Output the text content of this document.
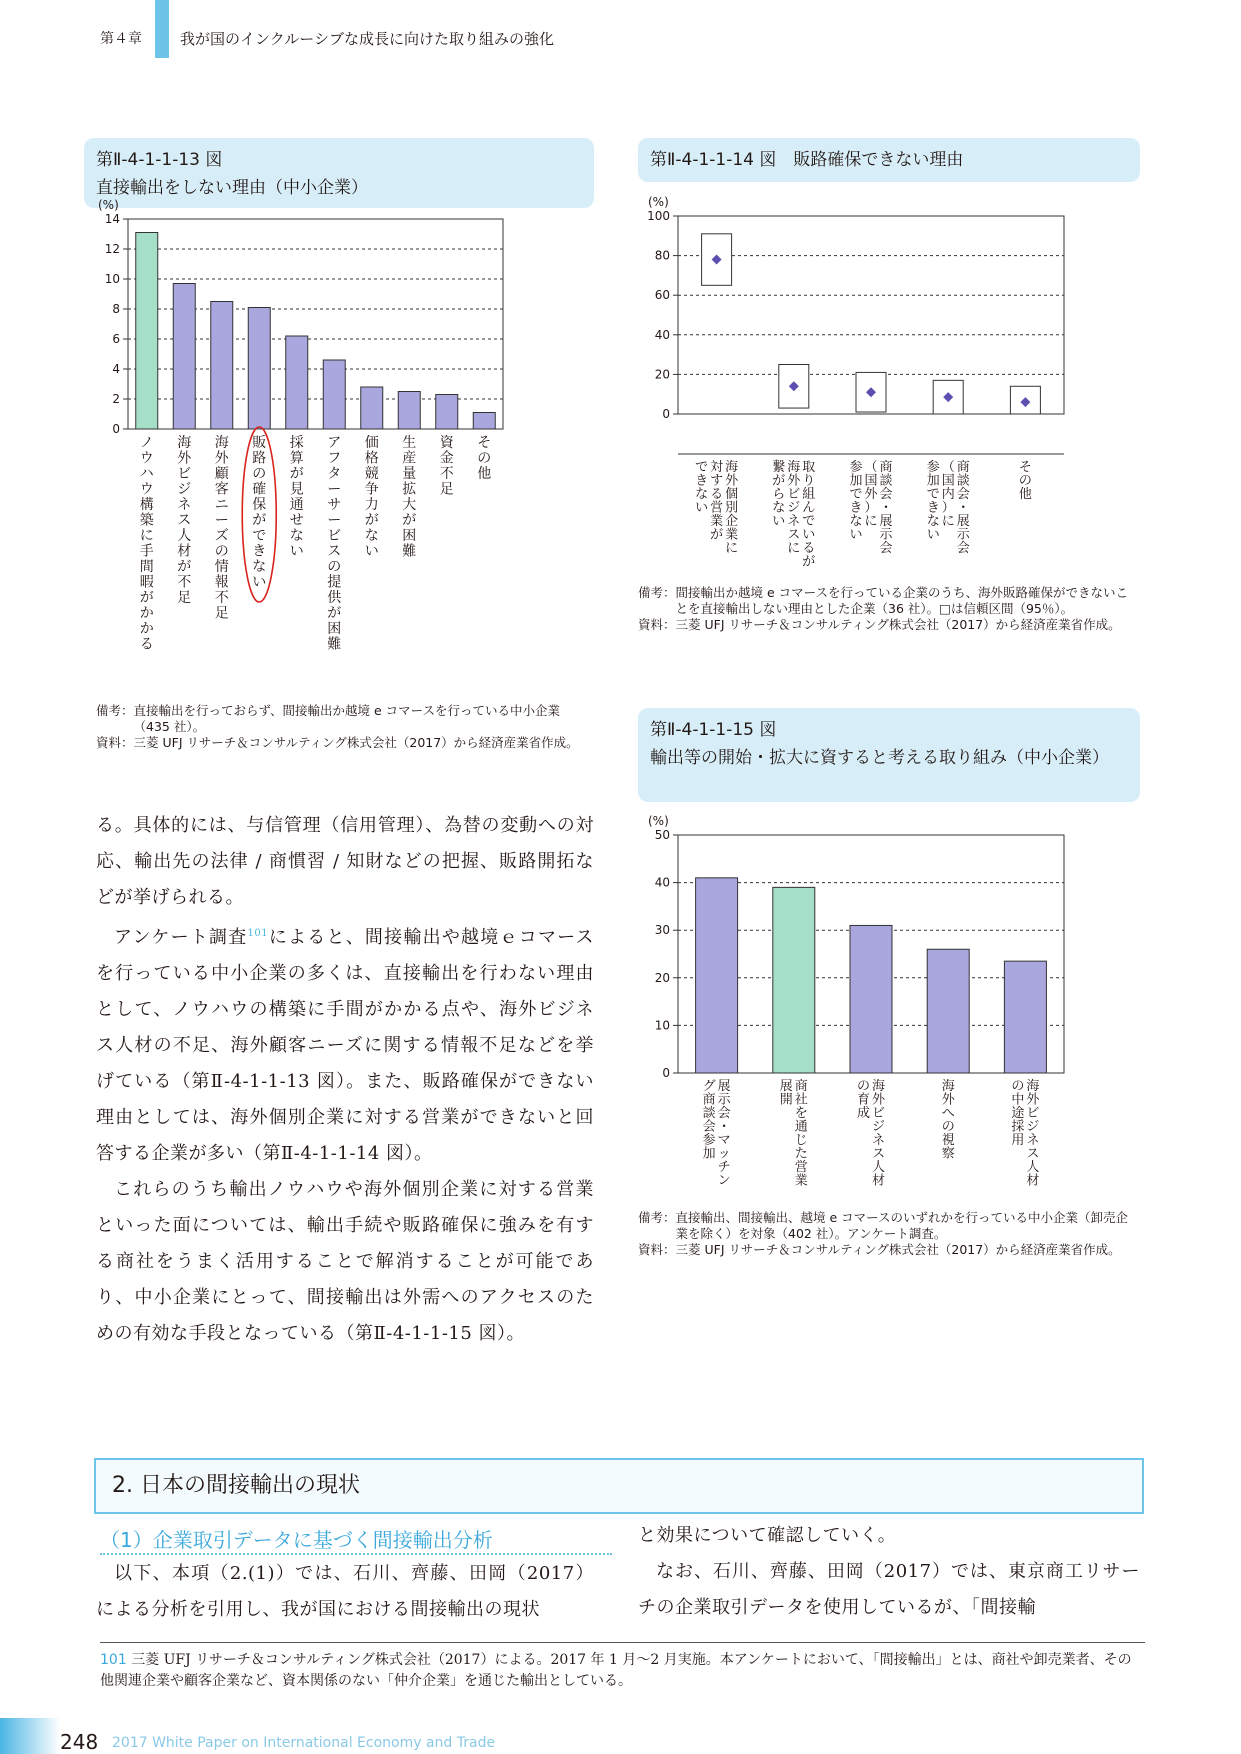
第４章	我が国のインクルーシブな成長に向けた取り組みの強化
第Ⅱ-4-1-1-13 図
直接輸出をしない理由（中小企業）
(%)
0
2
4
6
8
10
12
14
ノ
ウ
ハ
ウ
構
築
に
手
間
暇
が
か
か
る
海
外
ビ
ジ
ネ
ス
人
材
が
不
足
海
外
顧
客
ニ
ー
ズ
の
情
報
不
足
販
路
の
確
保
が
で
き
な
い
採
算
が
見
通
せ
な
い
ア
フ
タ
ー
サ
ー
ビ
ス
の
提
供
が
困
難
価
格
競
争
力
が
な
い
生
産
量
拡
大
が
困
難
資
金
不
足
そ
の
他
備考： 直接輸出を行っておらず、間接輸出か越境 e コマースを行っている中小企業（435 社）。
資料： 三菱 UFJ リサーチ＆コンサルティング株式会社（2017）から経済産業省作成。
第Ⅱ-4-1-1-14 図　販路確保できない理由
(%)
0
20
40
60
80
100
海
外
個
別
企
業
に
対
す
る
営
業
が
で
き
な
い
取
り
組
ん
で
い
る
が
海
外
ビ
ジ
ネ
ス
に
繋
が
ら
な
い
商
談
会
・
展
示
会
（
国
外
）
に
参
加
で
き
な
い
商
談
会
・
展
示
会
（
国
内
）
に
参
加
で
き
な
い
そ
の
他
備考： 間接輸出か越境 e コマースを行っている企業のうち、海外販路確保ができないことを直接輸出しない理由とした企業（36 社）。□は信頼区間（95％）。
資料： 三菱 UFJ リサーチ＆コンサルティング株式会社（2017）から経済産業省作成。
第Ⅱ-4-1-1-15 図
輸出等の開始・拡大に資すると考える取り組み（中小企業）
(%)
0
10
20
30
40
50
展
示
会
・
マ
ッ
チ
ン
グ
商
談
会
参
加
商
社
を
通
じ
た
営
業
展
開
海
外
ビ
ジ
ネ
ス
人
材
の
育
成
海
外
へ
の
視
察
海
外
ビ
ジ
ネ
ス
人
材
の
中
途
採
用
備考： 直接輸出、間接輸出、越境 e コマースのいずれかを行っている中小企業（卸売企業を除く）を対象（402 社）。アンケート調査。
資料： 三菱 UFJ リサーチ＆コンサルティング株式会社（2017）から経済産業省作成。

る。具体的には、与信管理（信用管理）、為替の変動への対応、輸出先の法律 / 商慣習 / 知財などの把握、販路開拓などが挙げられる。

アンケート調査$^{101}$によると、間接輸出や越境ｅコマースを行っている中小企業の多くは、直接輸出を行わない理由として、ノウハウの構築に手間がかかる点や、海外ビジネス人材の不足、海外顧客ニーズに関する情報不足などを挙げている（第Ⅱ-4-1-1-13 図）。また、販路確保ができない理由としては、海外個別企業に対する営業ができないと回答する企業が多い（第Ⅱ-4-1-1-14 図）。

これらのうち輸出ノウハウや海外個別企業に対する営業といった面については、輸出手続や販路確保に強みを有する商社をうまく活用することで解消することが可能であり、中小企業にとって、間接輸出は外需へのアクセスのための有効な手段となっている（第Ⅱ-4-1-1-15 図）。

2. 日本の間接輸出の現状
（1）企業取引データに基づく間接輸出分析

以下、本項（2.(1)）では、石川、齊藤、田岡（2017）による分析を引用し、我が国における間接輸出の現状

と効果について確認していく。

なお、石川、齊藤、田岡（2017）では、東京商工リサーチの企業取引データを使用しているが、「間接輸

101 三菱 UFJ リサーチ＆コンサルティング株式会社（2017）による。2017 年 1 月～2 月実施。本アンケートにおいて、「間接輸出」とは、商社や卸売業者、その他関連企業や顧客企業など、資本関係のない「仲介企業」を通じた輸出としている。
248 2017 White Paper on International Economy and Trade
